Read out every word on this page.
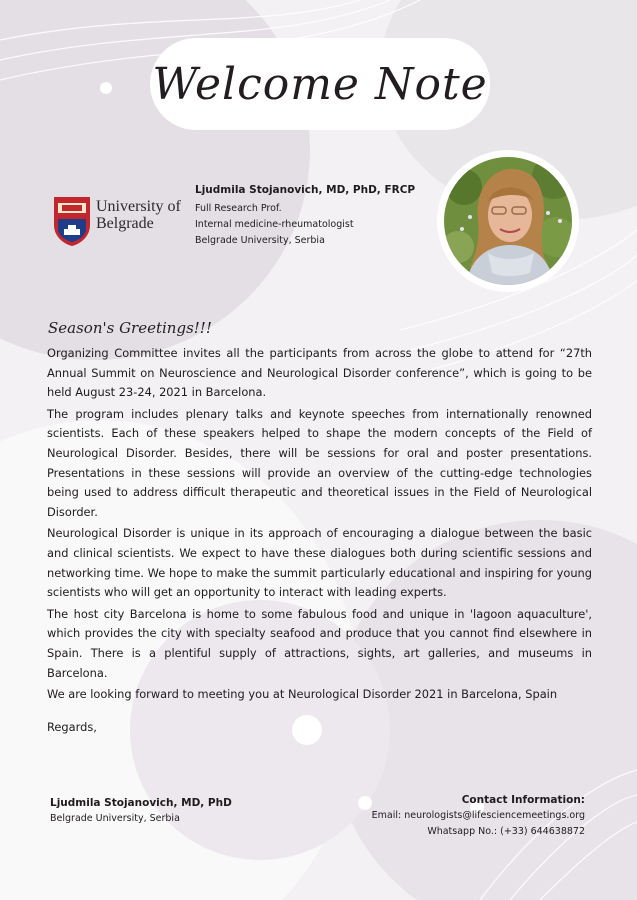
Welcome Note
University of
Belgrade
Ljudmila Stojanovich, MD, PhD, FRCP
Full Research Prof.
Internal medicine-rheumatologist
Belgrade University, Serbia
Season's Greetings!!!

Organizing Committee invites all the participants from across the globe to attend for “27th Annual Summit on Neuroscience and Neurological Disorder conference”, which is going to be held August 23-24, 2021 in Barcelona.

The program includes plenary talks and keynote speeches from internationally renowned scientists. Each of these speakers helped to shape the modern concepts of the Field of Neurological Disorder. Besides, there will be sessions for oral and poster presentations. Presentations in these sessions will provide an overview of the cutting-edge technologies being used to address difficult therapeutic and theoretical issues in the Field of Neurological Disorder.

Neurological Disorder is unique in its approach of encouraging a dialogue between the basic and clinical scientists. We expect to have these dialogues both during scientific sessions and networking time. We hope to make the summit particularly educational and inspiring for young scientists who will get an opportunity to interact with leading experts.

The host city Barcelona is home to some fabulous food and unique in 'lagoon aquaculture', which provides the city with specialty seafood and produce that you cannot find elsewhere in Spain. There is a plentiful supply of attractions, sights, art galleries, and museums in Barcelona.

We are looking forward to meeting you at Neurological Disorder 2021 in Barcelona, Spain

Regards,
Ljudmila Stojanovich, MD, PhD
Belgrade University, Serbia
Contact Information:
Email: neurologists@lifesciencemeetings.org
Whatsapp No.: (+33) 644638872
